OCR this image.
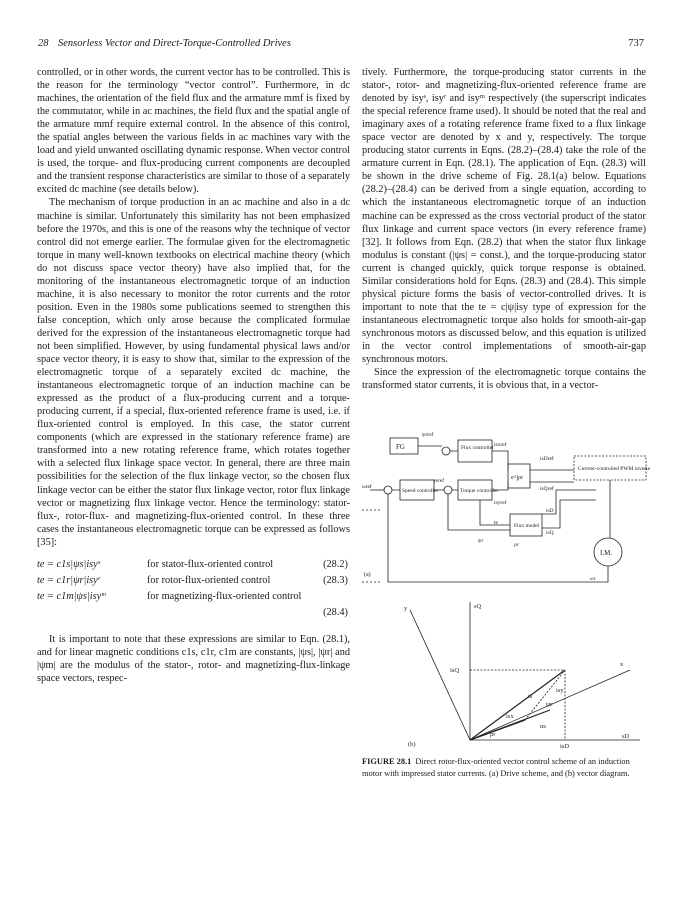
28 Sensorless Vector and Direct-Torque-Controlled Drives	737

controlled, or in other words, the current vector has to be controlled. This is the reason for the terminology “vector control”. Furthermore, in dc machines, the orientation of the field flux and the armature mmf is fixed by the commutator, while in ac machines, the field flux and the spatial angle of the armature mmf require external control. In the absence of this control, the spatial angles between the various fields in ac machines vary with the load and yield unwanted oscillating dynamic response. When vector control is used, the torque- and flux-producing current components are decoupled and the transient response characteristics are similar to those of a separately excited dc machine (see details below).

The mechanism of torque production in an ac machine and also in a dc machine is similar. Unfortunately this similarity has not been emphasized before the 1970s, and this is one of the reasons why the technique of vector control did not emerge earlier. The formulae given for the electromagnetic torque in many well-known textbooks on electrical machine theory (which do not discuss space vector theory) have also implied that, for the monitoring of the instantaneous electromagnetic torque of an induction machine, it is also necessary to monitor the rotor currents and the rotor position. Even in the 1980s some publications seemed to strengthen this false conception, which only arose because the complicated formulae derived for the expression of the instantaneous electromagnetic torque had not been simplified. However, by using fundamental physical laws and/or space vector theory, it is easy to show that, similar to the expression of the electromagnetic torque of a separately excited dc machine, the instantaneous electromagnetic torque of an induction machine can be expressed as the product of a flux-producing current and a torque-producing current, if a special, flux-oriented reference frame is used, i.e. if flux-oriented control is employed. In this case, the stator current components (which are expressed in the stationary reference frame) are transformed into a new rotating reference frame, which rotates together with a selected flux linkage space vector. In general, there are three main possibilities for the selection of the flux linkage vector, so the chosen flux linkage vector can be either the stator flux linkage vector, rotor flux linkage vector or magnetizing flux linkage vector. Hence the terminology: stator-flux-, rotor-flux- and magnetizing-flux-oriented control. In these three cases the instantaneous electromagnetic torque can be expressed as follows [35]:

te = c1s|ψs|isyˢ	for stator-flux-oriented control	(28.2)
te = c1r|ψr|isyʳ	for rotor-flux-oriented control	(28.3)
te = c1m|ψs|isyᵐ	for magnetizing-flux-oriented control
(28.4)

It is important to note that these expressions are similar to Eqn. (28.1), and for linear magnetic conditions c1s, c1r, c1m are constants, |ψs|, |ψr| and |ψm| are the modulus of the stator-, rotor- and magnetizing-flux-linkage space vectors, respec-

tively. Furthermore, the torque-producing stator currents in the stator-, rotor- and magnetizing-flux-oriented reference frame are denoted by isyˢ, isyʳ and isyᵐ respectively (the superscript indicates the special reference frame used). It should be noted that the real and imaginary axes of a rotating reference frame fixed to a flux linkage space vector are denoted by x and y, respectively. The torque producing stator currents in Eqns. (28.2)–(28.4) take the role of the armature current in Eqn. (28.1). The application of Eqn. (28.3) will be shown in the drive scheme of Fig. 28.1(a) below. Equations (28.2)–(28.4) can be derived from a single equation, according to which the instantaneous electromagnetic torque of an induction machine can be expressed as the cross vectorial product of the stator flux linkage and current space vectors (in every reference frame) [32]. It follows from Eqn. (28.2) that when the stator flux linkage modulus is constant (|ψs| = const.), and the torque-producing stator current is changed quickly, quick torque response is obtained. Similar considerations hold for Eqns. (28.3) and (28.4). This simple physical picture forms the basis of vector-controlled drives. It is important to note that the te = c|ψ|isy type of expression for the instantaneous electromagnetic torque also holds for smooth-air-gap synchronous motors as discussed below, and this equation is utilized in the vector control implementations of smooth-air-gap synchronous motors.

Since the expression of the electromagnetic torque contains the transformed stator currents, it is obvious that, in a vector-

FG	Flux controller
Speed controller	Torque controller
e^jρr
Current-controlled PWM inverter
Flux model
I.M.
ψrref
isxref
ωref
teref
isyref
isDref
isQref
ψr
te
ρr
isD
isQ
ωr
(a)
sQ
y
x
sD
is
isy
isx
ψr
isD
isQ
ρr
αs
(b)
FIGURE 28.1 Direct rotor-flux-oriented vector control scheme of an induction motor with impressed stator currents. (a) Drive scheme, and (b) vector diagram.
